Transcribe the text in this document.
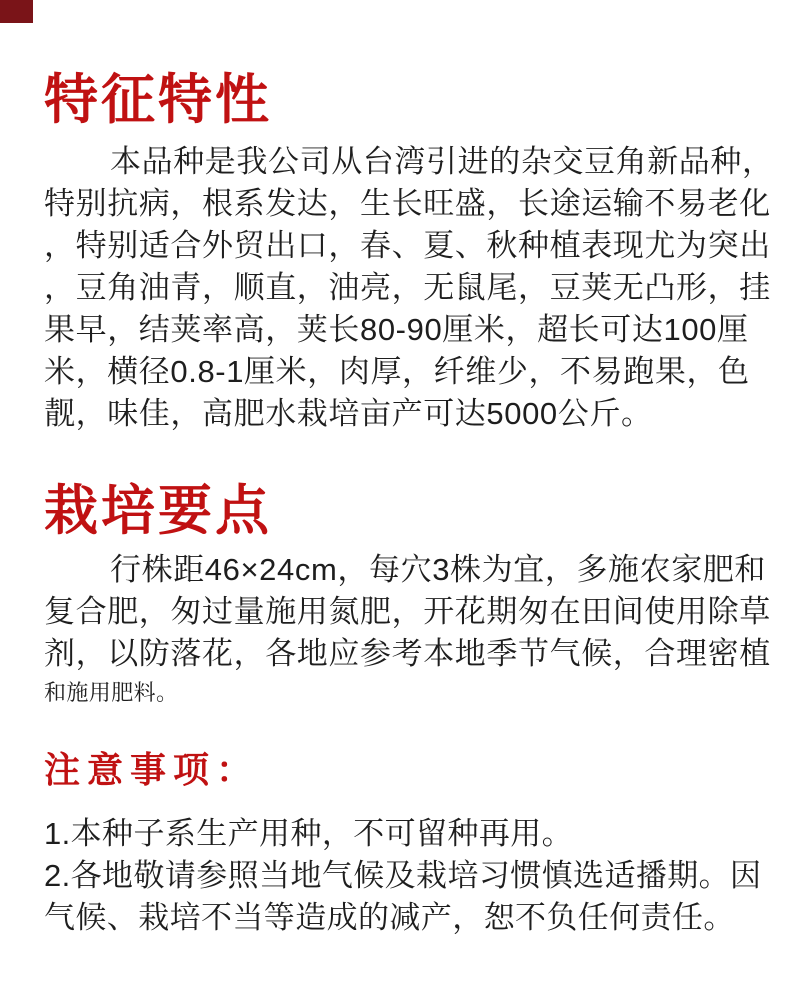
特征特性
本品种是我公司从台湾引进的杂交豆角新品种，
特别抗病，根系发达，生长旺盛，长途运输不易老化
，特别适合外贸出口，春、夏、秋种植表现尤为突出
，豆角油青，顺直，油亮，无鼠尾，豆荚无凸形，挂
果早，结荚率高，荚长80-90厘米，超长可达100厘
米，横径0.8-1厘米，肉厚，纤维少，不易跑果，色
靓，味佳，高肥水栽培亩产可达5000公斤。
栽培要点
行株距46×24cm，每穴3株为宜，多施农家肥和
复合肥，匆过量施用氮肥，开花期匆在田间使用除草
剂，以防落花，各地应参考本地季节气候，合理密植
和施用肥料。
注意事项：
1.本种子系生产用种，不可留种再用。
2.各地敬请参照当地气候及栽培习惯慎选适播期。因
气候、栽培不当等造成的减产，恕不负任何责任。
